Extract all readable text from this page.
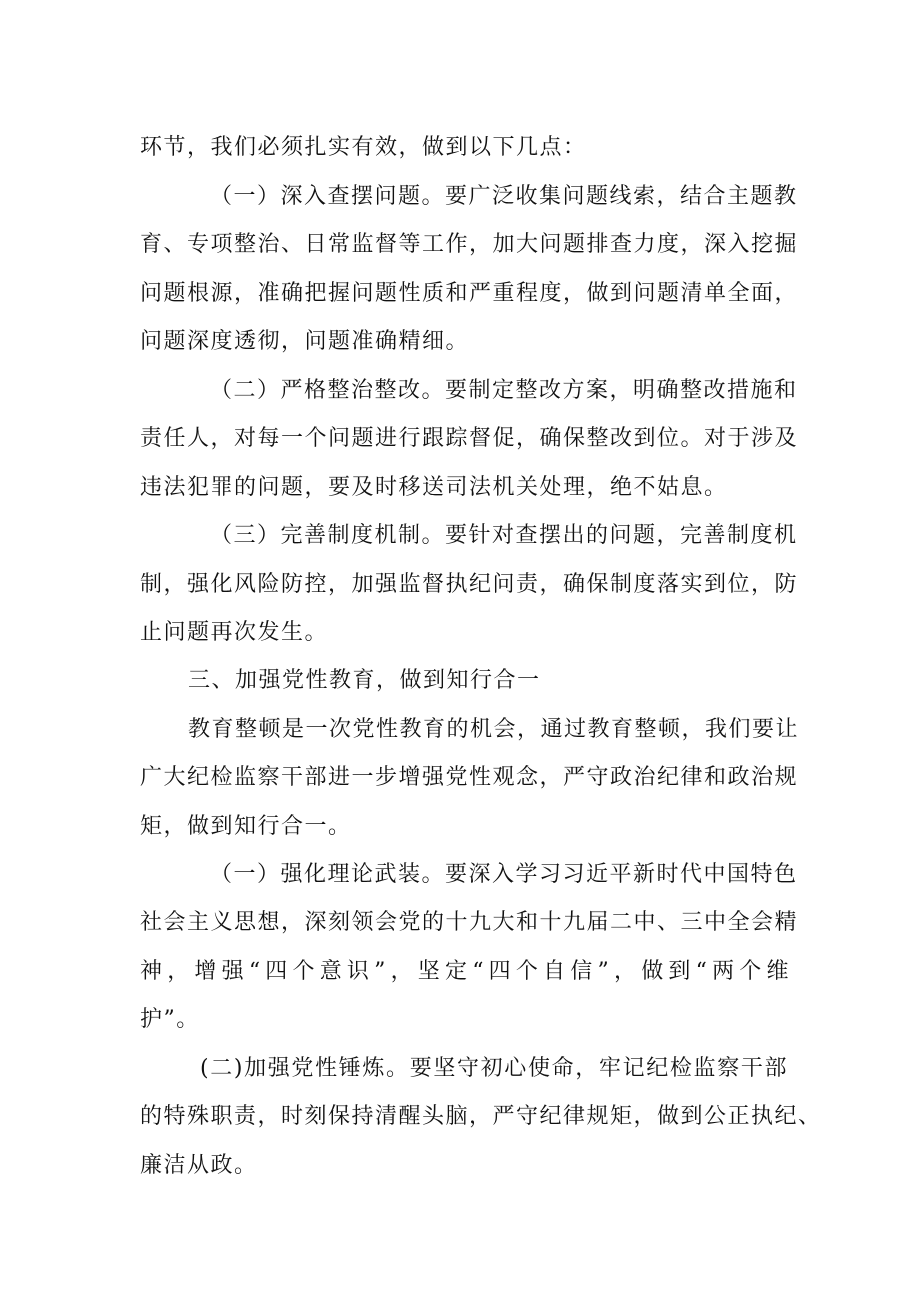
环节，我们必须扎实有效，做到以下几点：
（一）深入查摆问题。要广泛收集问题线索，结合主题教
育、专项整治、日常监督等工作，加大问题排查力度，深入挖掘
问题根源，准确把握问题性质和严重程度，做到问题清单全面，
问题深度透彻，问题准确精细。
（二）严格整治整改。要制定整改方案，明确整改措施和
责任人，对每一个问题进行跟踪督促，确保整改到位。对于涉及
违法犯罪的问题，要及时移送司法机关处理，绝不姑息。
（三）完善制度机制。要针对查摆出的问题，完善制度机
制，强化风险防控，加强监督执纪问责，确保制度落实到位，防
止问题再次发生。
三、加强党性教育，做到知行合一
教育整顿是一次党性教育的机会，通过教育整顿，我们要让
广大纪检监察干部进一步增强党性观念，严守政治纪律和政治规
矩，做到知行合一。
（一）强化理论武装。要深入学习习近平新时代中国特色
社会主义思想，深刻领会党的十九大和十九届二中、三中全会精
神，增强“四个意识”，坚定“四个自信”，做到“两个维
护”。
(二)加强党性锤炼。要坚守初心使命，牢记纪检监察干部
的特殊职责，时刻保持清醒头脑，严守纪律规矩，做到公正执纪、
廉洁从政。
